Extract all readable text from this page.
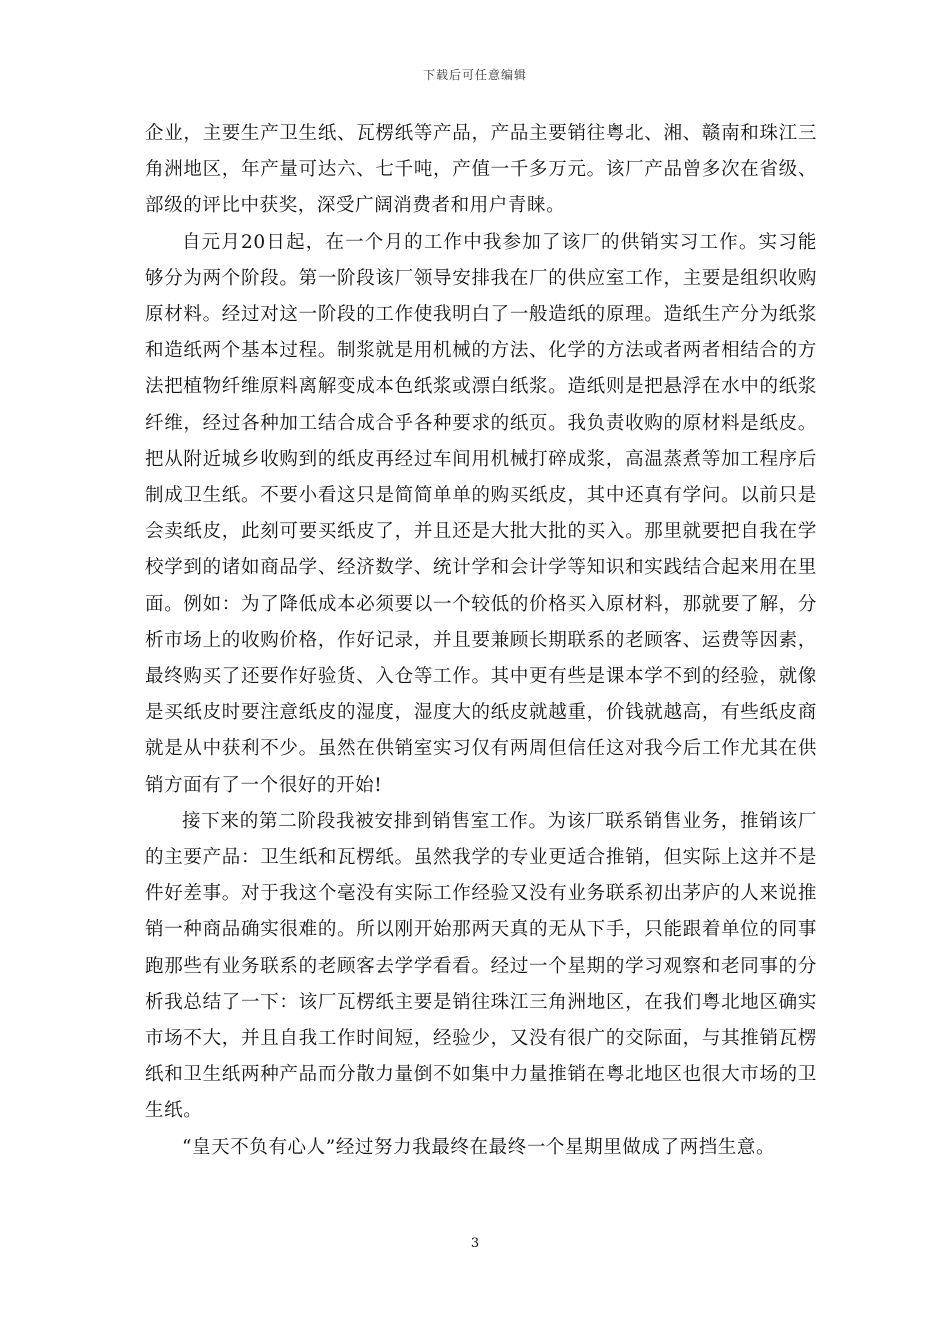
下载后可任意编辑

企业，主要生产卫生纸、瓦楞纸等产品，产品主要销往粤北、湘、赣南和珠江三角洲地区，年产量可达六、七千吨，产值一千多万元。该厂产品曾多次在省级、部级的评比中获奖，深受广阔消费者和用户青睐。

自元月20日起，在一个月的工作中我参加了该厂的供销实习工作。实习能够分为两个阶段。第一阶段该厂领导安排我在厂的供应室工作，主要是组织收购原材料。经过对这一阶段的工作使我明白了一般造纸的原理。造纸生产分为纸浆和造纸两个基本过程。制浆就是用机械的方法、化学的方法或者两者相结合的方法把植物纤维原料离解变成本色纸浆或漂白纸浆。造纸则是把悬浮在水中的纸浆纤维，经过各种加工结合成合乎各种要求的纸页。我负责收购的原材料是纸皮。把从附近城乡收购到的纸皮再经过车间用机械打碎成浆，高温蒸煮等加工程序后制成卫生纸。不要小看这只是简简单单的购买纸皮，其中还真有学问。以前只是会卖纸皮，此刻可要买纸皮了，并且还是大批大批的买入。那里就要把自我在学校学到的诸如商品学、经济数学、统计学和会计学等知识和实践结合起来用在里面。例如：为了降低成本必须要以一个较低的价格买入原材料，那就要了解，分析市场上的收购价格，作好记录，并且要兼顾长期联系的老顾客、运费等因素，最终购买了还要作好验货、入仓等工作。其中更有些是课本学不到的经验，就像是买纸皮时要注意纸皮的湿度，湿度大的纸皮就越重，价钱就越高，有些纸皮商就是从中获利不少。虽然在供销室实习仅有两周但信任这对我今后工作尤其在供销方面有了一个很好的开始!

接下来的第二阶段我被安排到销售室工作。为该厂联系销售业务，推销该厂的主要产品：卫生纸和瓦楞纸。虽然我学的专业更适合推销，但实际上这并不是件好差事。对于我这个毫没有实际工作经验又没有业务联系初出茅庐的人来说推销一种商品确实很难的。所以刚开始那两天真的无从下手，只能跟着单位的同事跑那些有业务联系的老顾客去学学看看。经过一个星期的学习观察和老同事的分析我总结了一下：该厂瓦楞纸主要是销往珠江三角洲地区，在我们粤北地区确实市场不大，并且自我工作时间短，经验少，又没有很广的交际面，与其推销瓦楞纸和卫生纸两种产品而分散力量倒不如集中力量推销在粤北地区也很大市场的卫生纸。

“皇天不负有心人”经过努力我最终在最终一个星期里做成了两挡生意。

3
